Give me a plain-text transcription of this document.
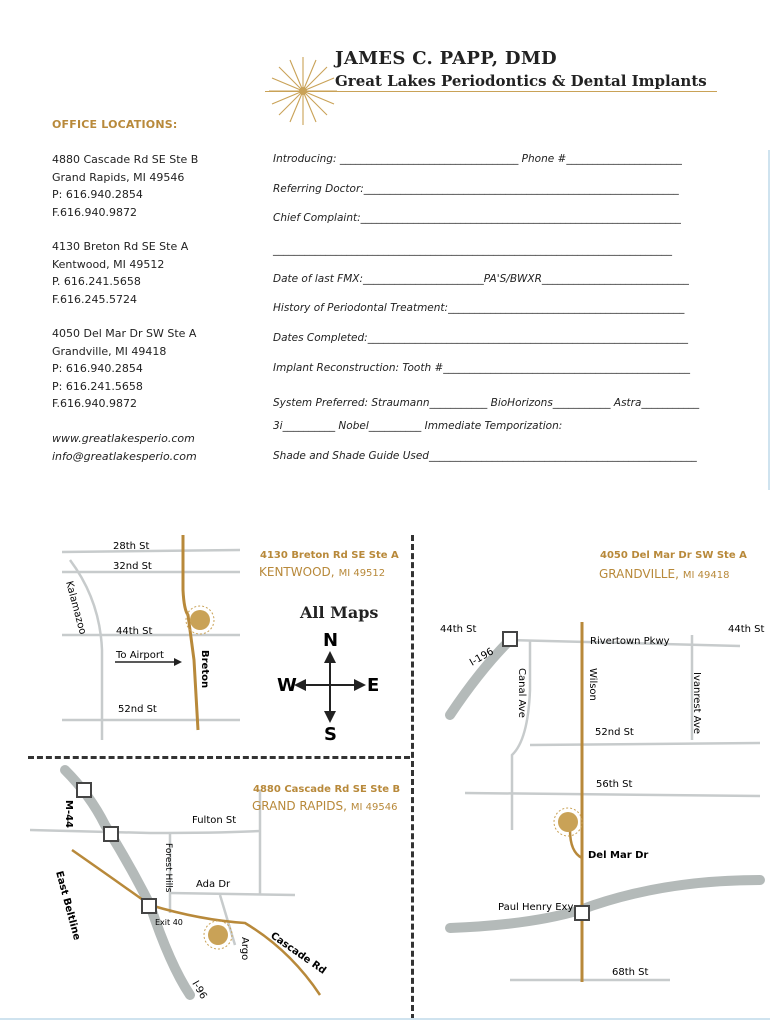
JAMES C. PAPP, DMD
Great Lakes Periodontics & Dental Implants
OFFICE LOCATIONS:
4880 Cascade Rd SE Ste B
Grand Rapids, MI 49546
P: 616.940.2854
F.616.940.9872
4130 Breton Rd SE Ste A
Kentwood, MI 49512
P. 616.241.5658
F.616.245.5724
4050 Del Mar Dr SW Ste A
Grandville, MI 49418
P: 616.940.2854
P: 616.241.5658
F.616.940.9872
www.greatlakesperio.com
info@greatlakesperio.com
Introducing: __________________________________ Phone #______________________
Referring Doctor:____________________________________________________________
Chief Complaint:_____________________________________________________________
____________________________________________________________________________
Date of last FMX:_______________________PA'S/BWXR____________________________
History of Periodontal Treatment:_____________________________________________
Dates Completed:_____________________________________________________________
Implant Reconstruction: Tooth #_______________________________________________
System Preferred: Straumann___________ BioHorizons___________ Astra___________
3i__________ Nobel__________ Immediate Temporization:
Shade and Shade Guide Used___________________________________________________
28th St
32nd St
Kalamazoo	44th St
To Airport	Breton
52nd St
4130 Breton Rd SE Ste A
KENTWOOD, MI 49512
All Maps
N
S
W	E
4050 Del Mar Dr SW Ste A
GRANDVILLE, MI 49418
44th St	44th St
Rivertown Pkwy
I-196
Canal Ave	Wilson	Ivanrest Ave
52nd St
56th St
Del Mar Dr
Paul Henry Exy
68th St
4880 Cascade Rd SE Ste B
GRAND RAPIDS, MI 49546
M-44	Fulton St
Forest Hills Ada Dr
East Beltline	Exit 40
Argo Cascade Rd
I-96
